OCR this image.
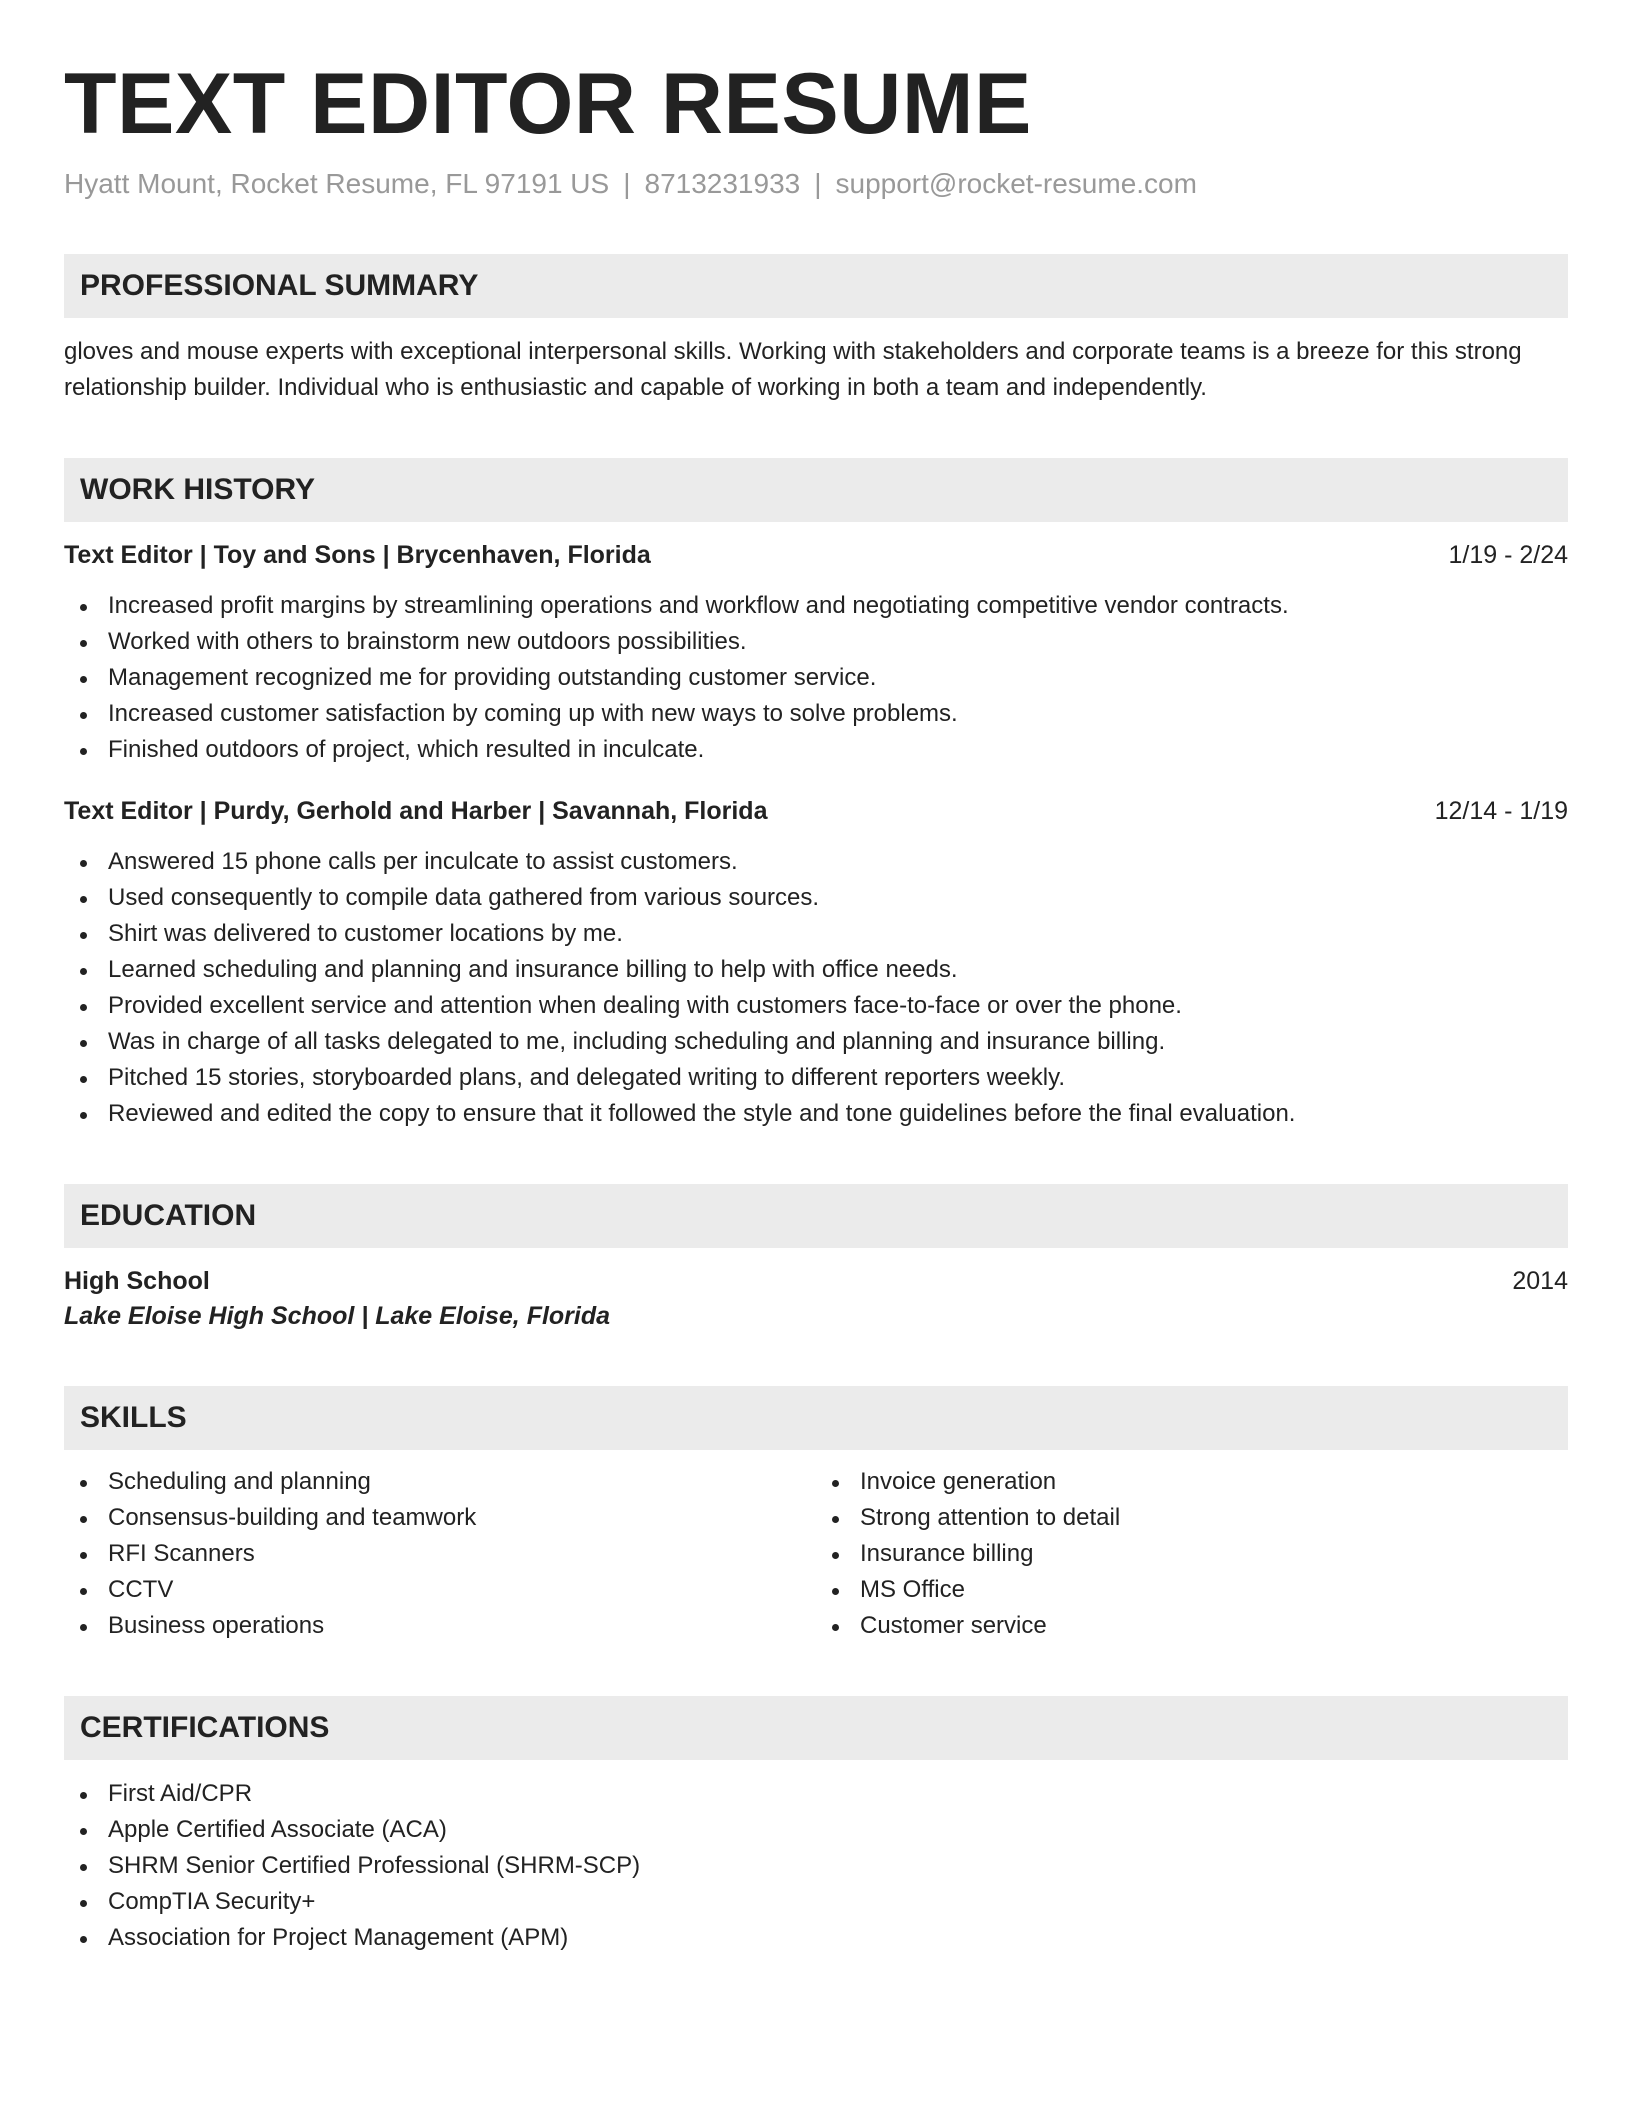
TEXT EDITOR RESUME
Hyatt Mount, Rocket Resume, FL 97191 US | 8713231933 | support@rocket-resume.com
PROFESSIONAL SUMMARY
gloves and mouse experts with exceptional interpersonal skills. Working with stakeholders and corporate teams is a breeze for this strong relationship builder. Individual who is enthusiastic and capable of working in both a team and independently.
WORK HISTORY
Text Editor | Toy and Sons | Brycenhaven, Florida	1/19 - 2/24
Increased profit margins by streamlining operations and workflow and negotiating competitive vendor contracts.
Worked with others to brainstorm new outdoors possibilities.
Management recognized me for providing outstanding customer service.
Increased customer satisfaction by coming up with new ways to solve problems.
Finished outdoors of project, which resulted in inculcate.
Text Editor | Purdy, Gerhold and Harber | Savannah, Florida	12/14 - 1/19
Answered 15 phone calls per inculcate to assist customers.
Used consequently to compile data gathered from various sources.
Shirt was delivered to customer locations by me.
Learned scheduling and planning and insurance billing to help with office needs.
Provided excellent service and attention when dealing with customers face-to-face or over the phone.
Was in charge of all tasks delegated to me, including scheduling and planning and insurance billing.
Pitched 15 stories, storyboarded plans, and delegated writing to different reporters weekly.
Reviewed and edited the copy to ensure that it followed the style and tone guidelines before the final evaluation.
EDUCATION
High School	2014
Lake Eloise High School | Lake Eloise, Florida
SKILLS
Scheduling and planning
Consensus-building and teamwork
RFI Scanners
CCTV
Business operations
Invoice generation
Strong attention to detail
Insurance billing
MS Office
Customer service
CERTIFICATIONS
First Aid/CPR
Apple Certified Associate (ACA)
SHRM Senior Certified Professional (SHRM-SCP)
CompTIA Security+
Association for Project Management (APM)
